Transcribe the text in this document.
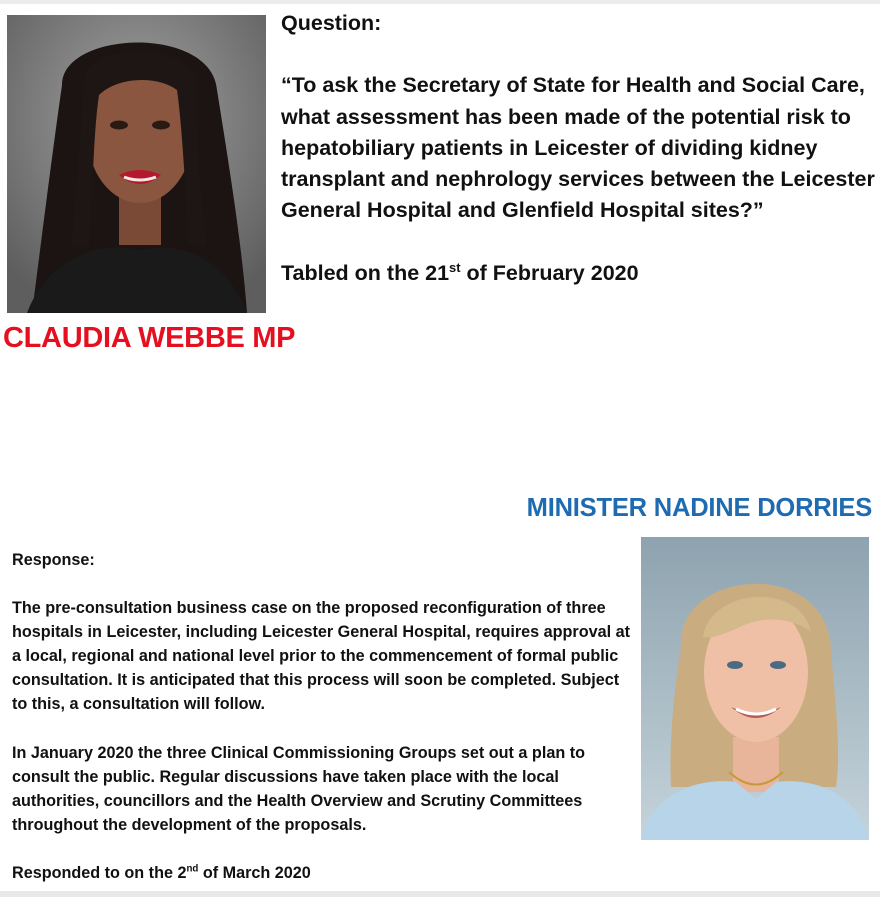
Question:

“To ask the Secretary of State for Health and Social Care, what assessment has been made of the potential risk to hepatobiliary patients in Leicester of dividing kidney transplant and nephrology services between the Leicester General Hospital and Glenfield Hospital sites?”

Tabled on the 21st of February 2020

CLAUDIA WEBBE MP
MINISTER NADINE DORRIES

Response:

The pre-consultation business case on the proposed reconfiguration of three hospitals in Leicester, including Leicester General Hospital, requires approval at a local, regional and national level prior to the commencement of formal public consultation. It is anticipated that this process will soon be completed. Subject to this, a consultation will follow.

In January 2020 the three Clinical Commissioning Groups set out a plan to consult the public. Regular discussions have taken place with the local authorities, councillors and the Health Overview and Scrutiny Committees throughout the development of the proposals.

Responded to on the 2nd of March 2020
